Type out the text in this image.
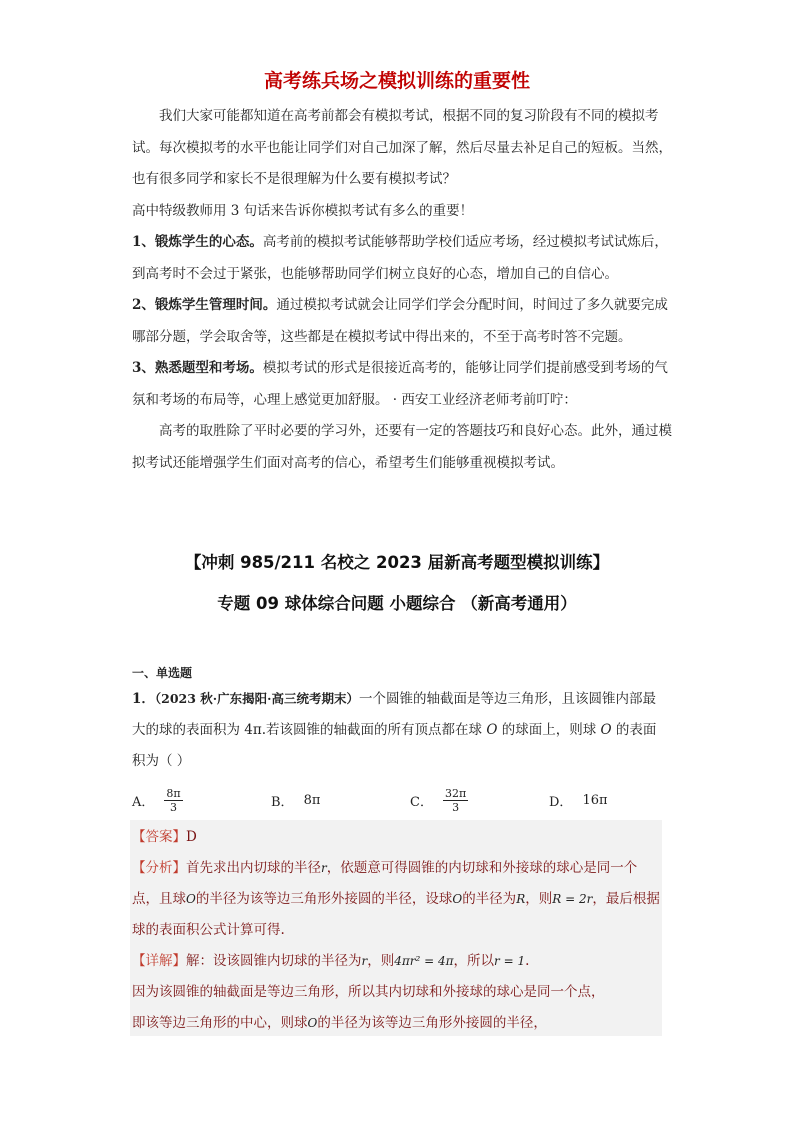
高考练兵场之模拟训练的重要性

我们大家可能都知道在高考前都会有模拟考试，根据不同的复习阶段有不同的模拟考试。每次模拟考的水平也能让同学们对自己加深了解，然后尽量去补足自己的短板。当然，也有很多同学和家长不是很理解为什么要有模拟考试？

高中特级教师用 3 句话来告诉你模拟考试有多么的重要！

1、锻炼学生的心态。高考前的模拟考试能够帮助学校们适应考场，经过模拟考试试炼后，到高考时不会过于紧张，也能够帮助同学们树立良好的心态，增加自己的自信心。

2、锻炼学生管理时间。通过模拟考试就会让同学们学会分配时间，时间过了多久就要完成哪部分题，学会取舍等，这些都是在模拟考试中得出来的，不至于高考时答不完题。

3、熟悉题型和考场。模拟考试的形式是很接近高考的，能够让同学们提前感受到考场的气氛和考场的布局等，心理上感觉更加舒服。 · 西安工业经济老师考前叮咛：

高考的取胜除了平时必要的学习外，还要有一定的答题技巧和良好心态。此外，通过模拟考试还能增强学生们面对高考的信心，希望考生们能够重视模拟考试。

【冲刺 985/211 名校之 2023 届新高考题型模拟训练】
专题 09 球体综合问题 小题综合 （新高考通用）
一、单选题

1．（2023 秋·广东揭阳·高三统考期末）一个圆锥的轴截面是等边三角形，且该圆锥内部最大的球的表面积为 4π.若该圆锥的轴截面的所有顶点都在球 O 的球面上，则球 O 的表面积为（ ）

A． $\frac{8\pi}{3}$	B． 8π	C． $\frac{32\pi}{3}$	D． 16π

【答案】D

【分析】首先求出内切球的半径r，依题意可得圆锥的内切球和外接球的球心是同一个点，且球O的半径为该等边三角形外接圆的半径，设球O的半径为R，则R = 2r，最后根据球的表面积公式计算可得.

【详解】解：设该圆锥内切球的半径为r，则4πr² = 4π，所以r = 1.

因为该圆锥的轴截面是等边三角形，所以其内切球和外接球的球心是同一个点，

即该等边三角形的中心，则球O的半径为该等边三角形外接圆的半径，
